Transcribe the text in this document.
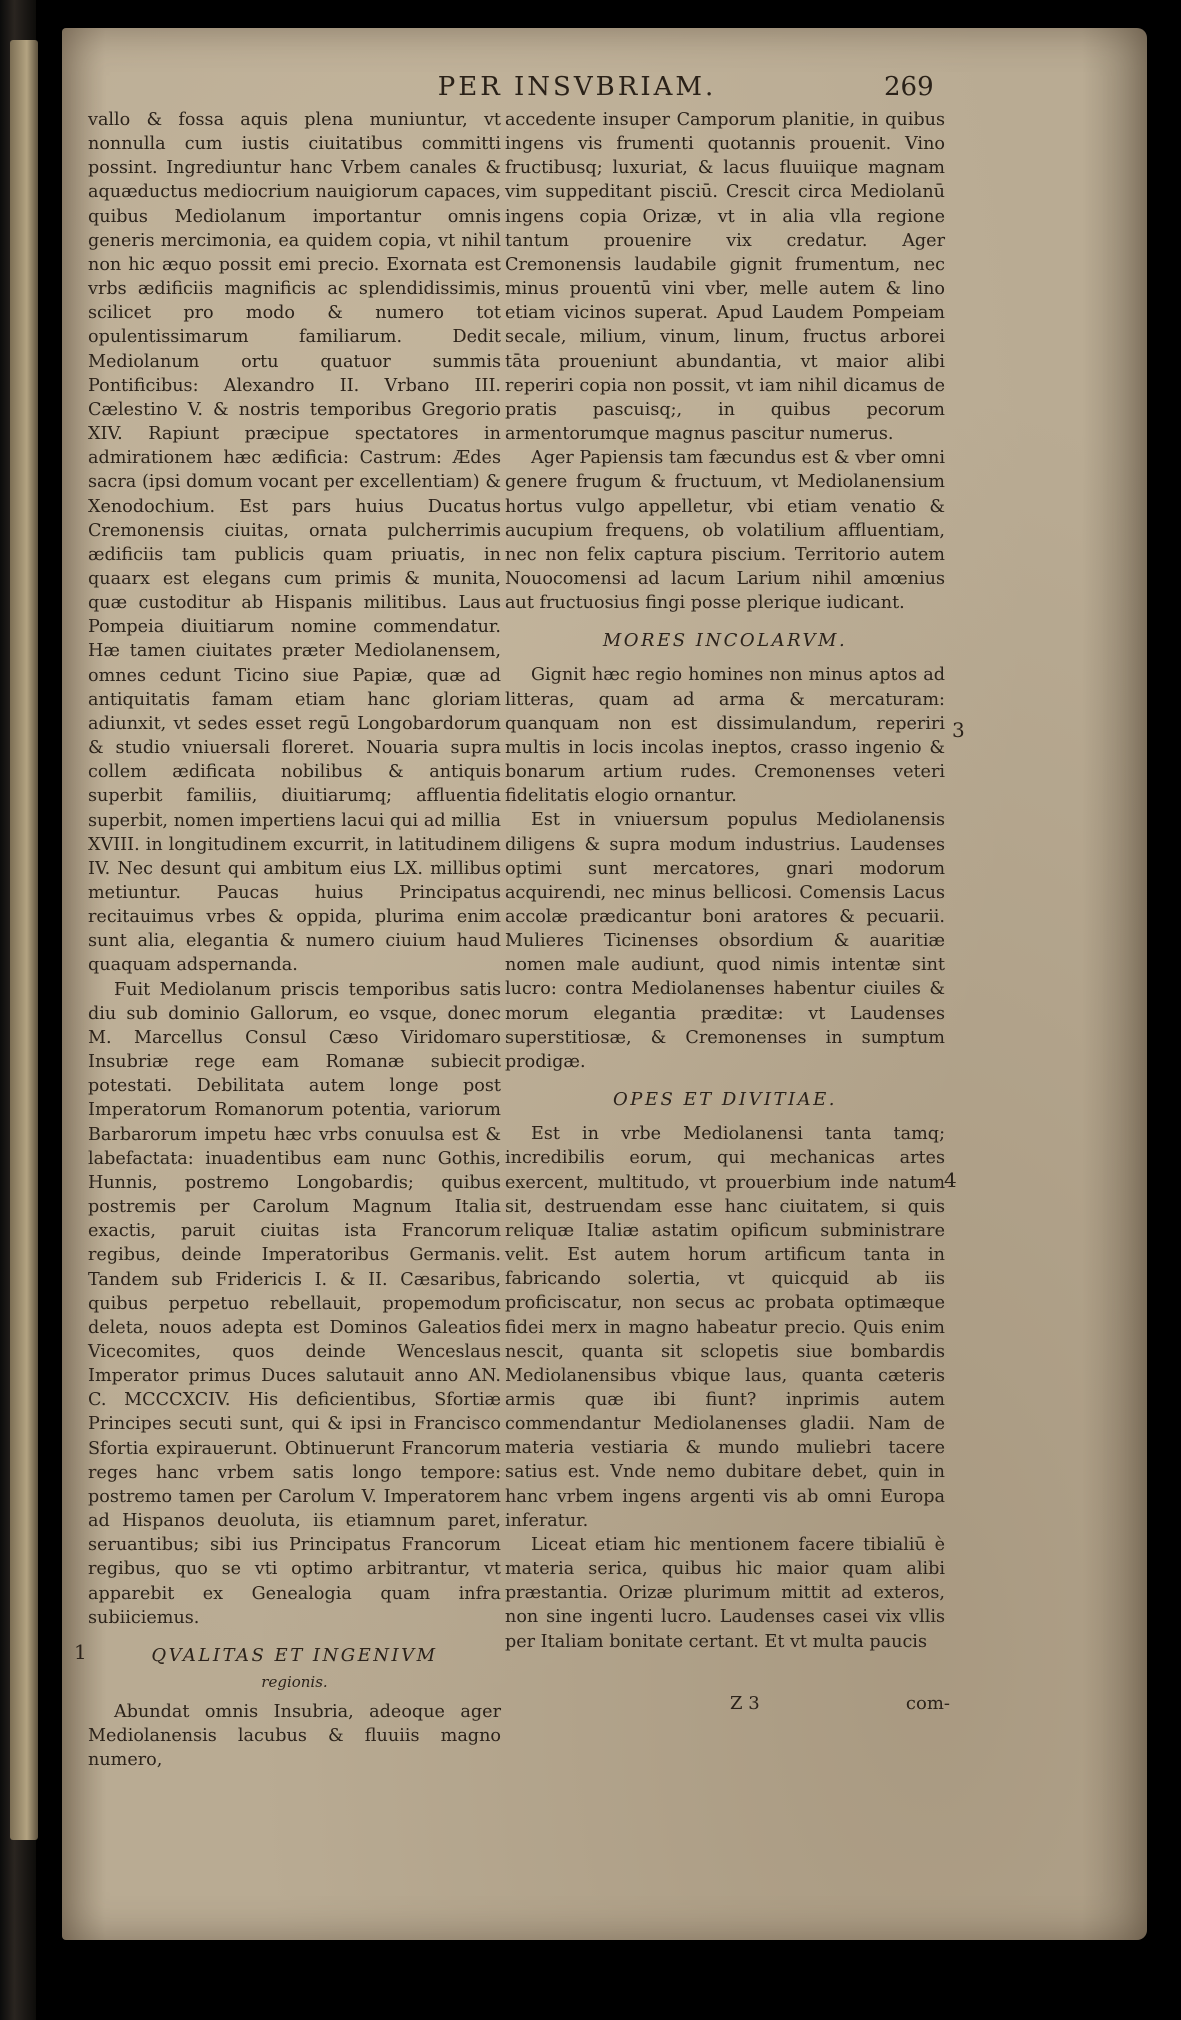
PER INSVBRIAM.	269

vallo & fossa aquis plena muniuntur, vt nonnulla cum iustis ciuitatibus committi possint. Ingrediuntur hanc Vrbem canales & aquæductus mediocrium nauigiorum capaces, quibus Mediolanum importantur omnis generis mercimonia, ea quidem copia, vt nihil non hic æquo possit emi precio. Exornata est vrbs ædificiis magnificis ac splendidissimis, scilicet pro modo & numero tot opulentissimarum familiarum. Dedit Mediolanum ortu quatuor summis Pontificibus: Alexandro II. Vrbano III. Cælestino V. & nostris temporibus Gregorio XIV. Rapiunt præcipue spectatores in admirationem hæc ædificia: Castrum: Ædes sacra (ipsi domum vocant per excellentiam) & Xenodochium. Est pars huius Ducatus Cremonensis ciuitas, ornata pulcherrimis ædificiis tam publicis quam priuatis, in quaarx est elegans cum primis & munita, quæ custoditur ab Hispanis militibus. Laus Pompeia diuitiarum nomine commendatur. Hæ tamen ciuitates præter Mediolanensem, omnes cedunt Ticino siue Papiæ, quæ ad antiquitatis famam etiam hanc gloriam adiunxit, vt sedes esset regū Longobardorum & studio vniuersali floreret. Nouaria supra collem ædificata nobilibus & antiquis superbit familiis, diuitiarumq; affluentia superbit, nomen impertiens lacui qui ad millia XVIII. in longitudinem excurrit, in latitudinem IV. Nec desunt qui ambitum eius LX. millibus metiuntur. Paucas huius Principatus recitauimus vrbes & oppida, plurima enim sunt alia, elegantia & numero ciuium haud quaquam adspernanda.

Fuit Mediolanum priscis temporibus satis diu sub dominio Gallorum, eo vsque, donec M. Marcellus Consul Cæso Viridomaro Insubriæ rege eam Romanæ subiecit potestati. Debilitata autem longe post Imperatorum Romanorum potentia, variorum Barbarorum impetu hæc vrbs conuulsa est & labefactata: inuadentibus eam nunc Gothis, Hunnis, postremo Longobardis; quibus postremis per Carolum Magnum Italia exactis, paruit ciuitas ista Francorum regibus, deinde Imperatoribus Germanis. Tandem sub Fridericis I. & II. Cæsaribus, quibus perpetuo rebellauit, propemodum deleta, nouos adepta est Dominos Galeatios Vicecomites, quos deinde Wenceslaus Imperator primus Duces salutauit anno AN. C. MCCCXCIV. His deficientibus, Sfortiæ Principes secuti sunt, qui & ipsi in Francisco Sfortia expirauerunt. Obtinuerunt Francorum reges hanc vrbem satis longo tempore: postremo tamen per Carolum V. Imperatorem ad Hispanos deuoluta, iis etiamnum paret, seruantibus; sibi ius Principatus Francorum regibus, quo se vti optimo arbitrantur, vt apparebit ex Genealogia quam infra subiiciemus.

QVALITAS ET INGENIVM
regionis.

Abundat omnis Insubria, adeoque ager Mediolanensis lacubus & fluuiis magno numero,

1

accedente insuper Camporum planitie, in quibus ingens vis frumenti quotannis prouenit. Vino fructibusq; luxuriat, & lacus fluuiique magnam vim suppeditant pisciū. Crescit circa Mediolanū ingens copia Orizæ, vt in alia vlla regione tantum prouenire vix credatur. Ager Cremonensis laudabile gignit frumentum, nec minus prouentū vini vber, melle autem & lino etiam vicinos superat. Apud Laudem Pompeiam secale, milium, vinum, linum, fructus arborei tāta proueniunt abundantia, vt maior alibi reperiri copia non possit, vt iam nihil dicamus de pratis pascuisq;, in quibus pecorum armentorumque magnus pascitur numerus.

Ager Papiensis tam fæcundus est & vber omni genere frugum & fructuum, vt Mediolanensium hortus vulgo appelletur, vbi etiam venatio & aucupium frequens, ob volatilium affluentiam, nec non felix captura piscium. Territorio autem Nouocomensi ad lacum Larium nihil amœnius aut fructuosius fingi posse plerique iudicant.

MORES INCOLARVM.

Gignit hæc regio homines non minus aptos ad litteras, quam ad arma & mercaturam: quanquam non est dissimulandum, reperiri multis in locis incolas ineptos, crasso ingenio & bonarum artium rudes. Cremonenses veteri fidelitatis elogio ornantur.

Est in vniuersum populus Mediolanensis diligens & supra modum industrius. Laudenses optimi sunt mercatores, gnari modorum acquirendi, nec minus bellicosi. Comensis Lacus accolæ prædicantur boni aratores & pecuarii. Mulieres Ticinenses obsordium & auaritiæ nomen male audiunt, quod nimis intentæ sint lucro: contra Mediolanenses habentur ciuiles & morum elegantia præditæ: vt Laudenses superstitiosæ, & Cremonenses in sumptum prodigæ.

OPES ET DIVITIAE.

Est in vrbe Mediolanensi tanta tamq; incredibilis eorum, qui mechanicas artes exercent, multitudo, vt prouerbium inde natum sit, destruendam esse hanc ciuitatem, si quis reliquæ Italiæ astatim opificum subministrare velit. Est autem horum artificum tanta in fabricando solertia, vt quicquid ab iis proficiscatur, non secus ac probata optimæque fidei merx in magno habeatur precio. Quis enim nescit, quanta sit sclopetis siue bombardis Mediolanensibus vbique laus, quanta cæteris armis quæ ibi fiunt? inprimis autem commendantur Mediolanenses gladii. Nam de materia vestiaria & mundo muliebri tacere satius est. Vnde nemo dubitare debet, quin in hanc vrbem ingens argenti vis ab omni Europa inferatur.

Liceat etiam hic mentionem facere tibialiū è materia serica, quibus hic maior quam alibi præstantia. Orizæ plurimum mittit ad exteros, non sine ingenti lucro. Laudenses casei vix vllis per Italiam bonitate certant. Et vt multa paucis

3
4
Z 3	com-
